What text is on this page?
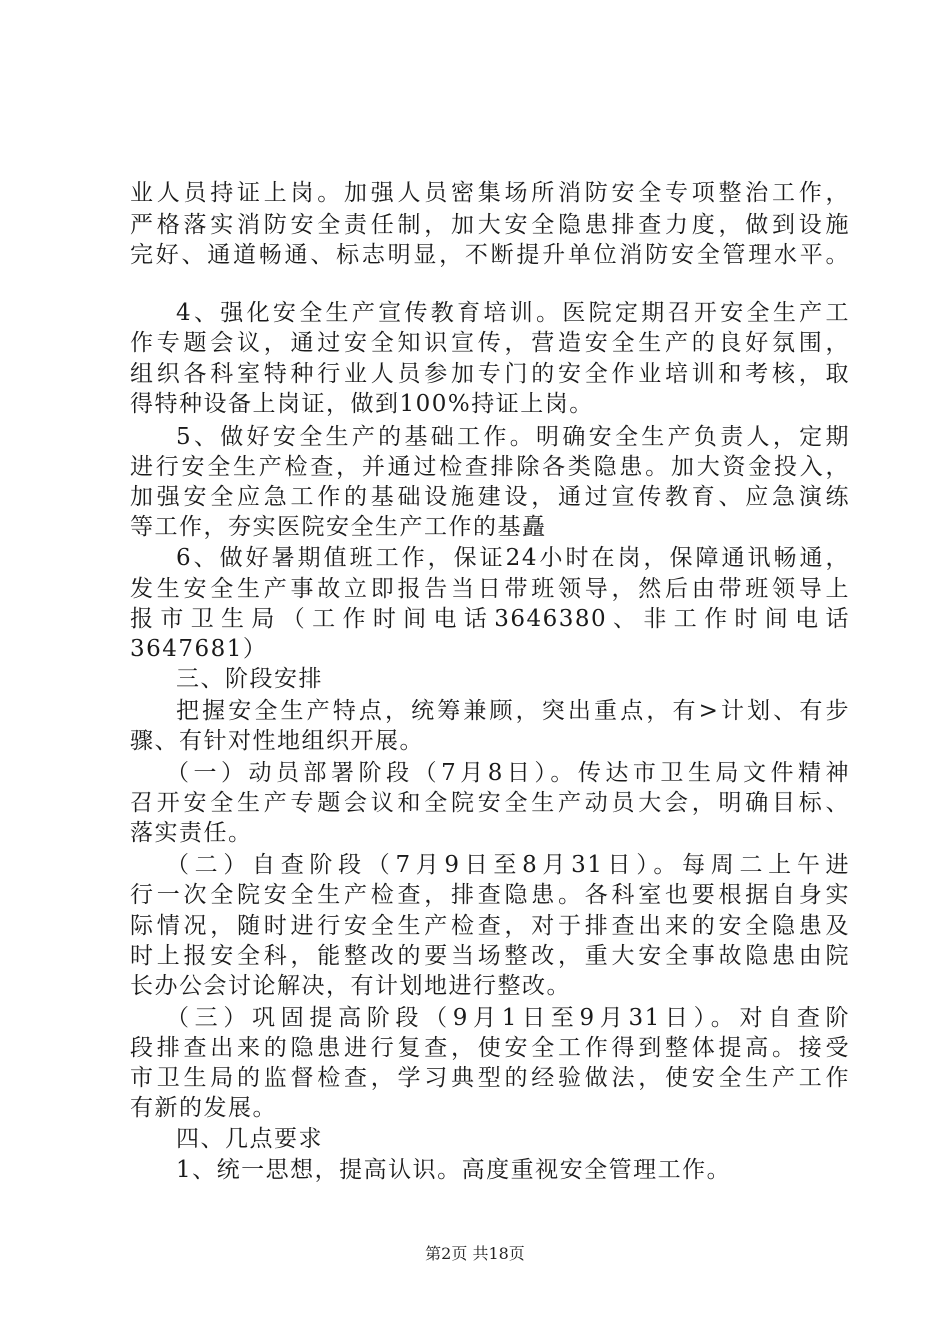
业人员持证上岗。加强人员密集场所消防安全专项整治工作，
严格落实消防安全责任制，加大安全隐患排查力度，做到设施
完好、通道畅通、标志明显，不断提升单位消防安全管理水平。
4、强化安全生产宣传教育培训。医院定期召开安全生产工
作专题会议，通过安全知识宣传，营造安全生产的良好氛围，
组织各科室特种行业人员参加专门的安全作业培训和考核，取
得特种设备上岗证，做到100%持证上岗。
5、做好安全生产的基础工作。明确安全生产负责人，定期
进行安全生产检查，并通过检查排除各类隐患。加大资金投入，
加强安全应急工作的基础设施建设，通过宣传教育、应急演练
等工作，夯实医院安全生产工作的基矗
6、做好暑期值班工作，保证24小时在岗，保障通讯畅通，
发生安全生产事故立即报告当日带班领导，然后由带班领导上
报市卫生局（工作时间电话3646380、非工作时间电话
3647681）
三、阶段安排
把握安全生产特点，统筹兼顾，突出重点，有>计划、有步
骤、有针对性地组织开展。
（一）动员部署阶段（7月8日）。传达市卫生局文件精神
召开安全生产专题会议和全院安全生产动员大会，明确目标、
落实责任。
（二）自查阶段（7月9日至8月31日）。每周二上午进
行一次全院安全生产检查，排查隐患。各科室也要根据自身实
际情况，随时进行安全生产检查，对于排查出来的安全隐患及
时上报安全科，能整改的要当场整改，重大安全事故隐患由院
长办公会讨论解决，有计划地进行整改。
（三）巩固提高阶段（9月1日至9月31日）。对自查阶
段排查出来的隐患进行复查，使安全工作得到整体提高。接受
市卫生局的监督检查，学习典型的经验做法，使安全生产工作
有新的发展。
四、几点要求
1、统一思想，提高认识。高度重视安全管理工作。
第2页 共18页
